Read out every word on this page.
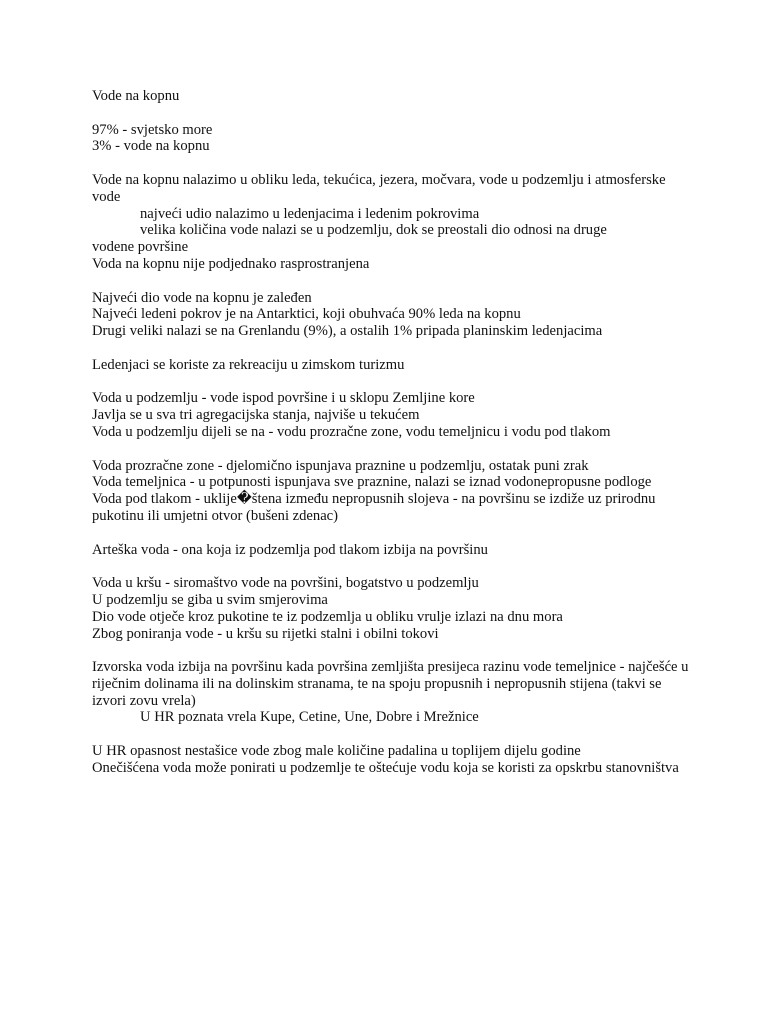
Vode na kopnu
97% - svjetsko more
3% - vode na kopnu
Vode na kopnu nalazimo u obliku leda, tekućica, jezera, močvara, vode u podzemlju i atmosferske vode
najveći udio nalazimo u ledenjacima i ledenim pokrovima
velika količina vode nalazi se u podzemlju, dok se preostali dio odnosi na druge
vodene površine
Voda na kopnu nije podjednako rasprostranjena
Najveći dio vode na kopnu je zaleđen
Najveći ledeni pokrov je na Antarktici, koji obuhvaća 90% leda na kopnu
Drugi veliki nalazi se na Grenlandu (9%), a ostalih 1% pripada planinskim ledenjacima
Ledenjaci se koriste za rekreaciju u zimskom turizmu
Voda u podzemlju - vode ispod površine i u sklopu Zemljine kore
Javlja se u sva tri agregacijska stanja, najviše u tekućem
Voda u podzemlju dijeli se na - vodu prozračne zone, vodu temeljnicu i vodu pod tlakom
Voda prozračne zone - djelomično ispunjava praznine u podzemlju, ostatak puni zrak
Voda temeljnica - u potpunosti ispunjava sve praznine, nalazi se iznad vodonepropusne podloge
Voda pod tlakom - uklije�štena između nepropusnih slojeva - na površinu se izdiže uz prirodnu pukotinu ili umjetni otvor (bušeni zdenac)
Arteška voda - ona koja iz podzemlja pod tlakom izbija na površinu
Voda u kršu - siromaštvo vode na površini, bogatstvo u podzemlju
U podzemlju se giba u svim smjerovima
Dio vode otječe kroz pukotine te iz podzemlja u obliku vrulje izlazi na dnu mora
Zbog poniranja vode - u kršu su rijetki stalni i obilni tokovi
Izvorska voda izbija na površinu kada površina zemljišta presijeca razinu vode temeljnice - najčešće u riječnim dolinama ili na dolinskim stranama, te na spoju propusnih i nepropusnih stijena (takvi se izvori zovu vrela)
U HR poznata vrela Kupe, Cetine, Une, Dobre i Mrežnice
U HR opasnost nestašice vode zbog male količine padalina u toplijem dijelu godine
Onečišćena voda može ponirati u podzemlje te oštećuje vodu koja se koristi za opskrbu stanovništva
